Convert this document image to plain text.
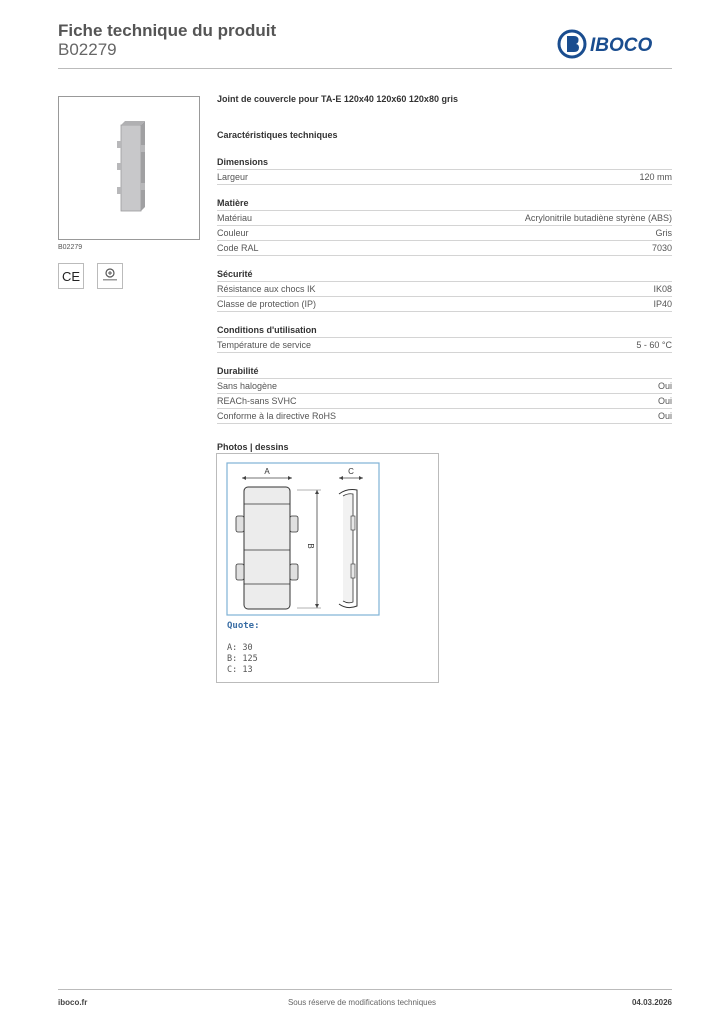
Fiche technique du produit
B02279	IBOCO
B02279
CE
Joint de couvercle pour TA-E 120x40 120x60 120x80 gris
Caractéristiques techniques
Dimensions
Largeur	120 mm
Matière
Matériau	Acrylonitrile butadiène styrène (ABS)
Couleur	Gris
Code RAL	7030
Sécurité
Résistance aux chocs IK	IK08
Classe de protection (IP)	IP40
Conditions d'utilisation
Température de service	5 - 60 °C
Durabilité
Sans halogène	Oui
REACh-sans SVHC	Oui
Conforme à la directive RoHS	Oui
Photos | dessins
A	C
B
Quote:
A: 30
B: 125
C: 13
iboco.fr	Sous réserve de modifications techniques	04.03.2026
